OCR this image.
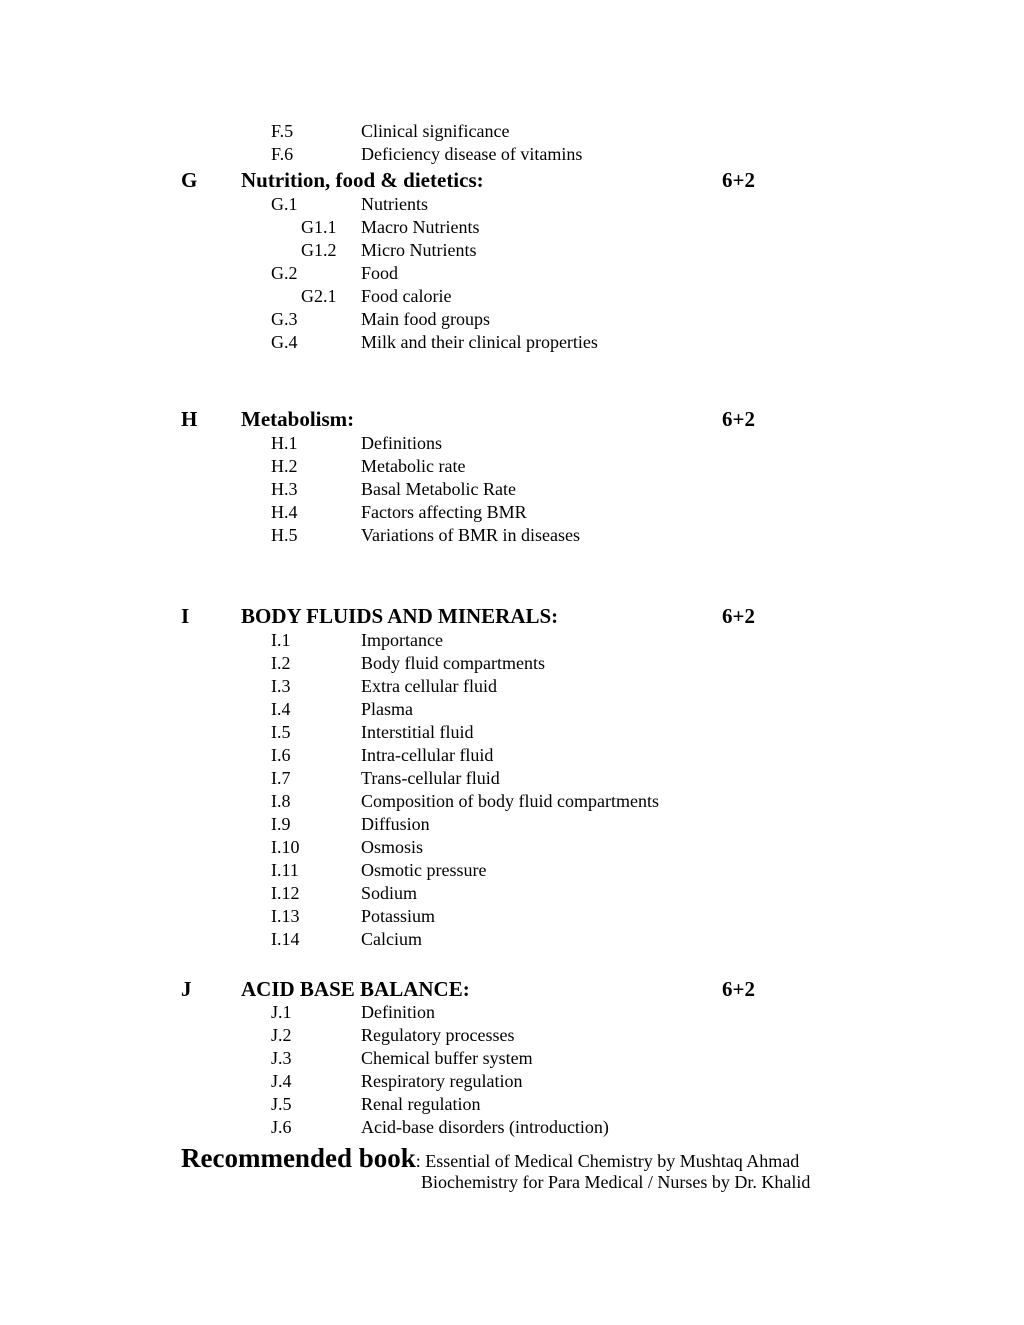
F.5	Clinical significance
F.6	Deficiency disease of vitamins
G Nutrition, food & dietetics:	6+2
G.1	Nutrients
G1.1 Macro Nutrients
G1.2 Micro Nutrients
G.2	Food
G2.1 Food calorie
G.3	Main food groups
G.4	Milk and their clinical properties
H Metabolism:	6+2
H.1	Definitions
H.2	Metabolic rate
H.3	Basal Metabolic Rate
H.4	Factors affecting BMR
H.5	Variations of BMR in diseases
I BODY FLUIDS AND MINERALS:	6+2
I.1	Importance
I.2	Body fluid compartments
I.3	Extra cellular fluid
I.4	Plasma
I.5	Interstitial fluid
I.6	Intra-cellular fluid
I.7	Trans-cellular fluid
I.8	Composition of body fluid compartments
I.9	Diffusion
I.10	Osmosis
I.11	Osmotic pressure
I.12	Sodium
I.13	Potassium
I.14	Calcium
J ACID BASE BALANCE:	6+2
J.1	Definition
J.2	Regulatory processes
J.3	Chemical buffer system
J.4	Respiratory regulation
J.5	Renal regulation
J.6	Acid-base disorders (introduction)
Recommended book: Essential of Medical Chemistry by Mushtaq Ahmad
Biochemistry for Para Medical / Nurses by Dr. Khalid
